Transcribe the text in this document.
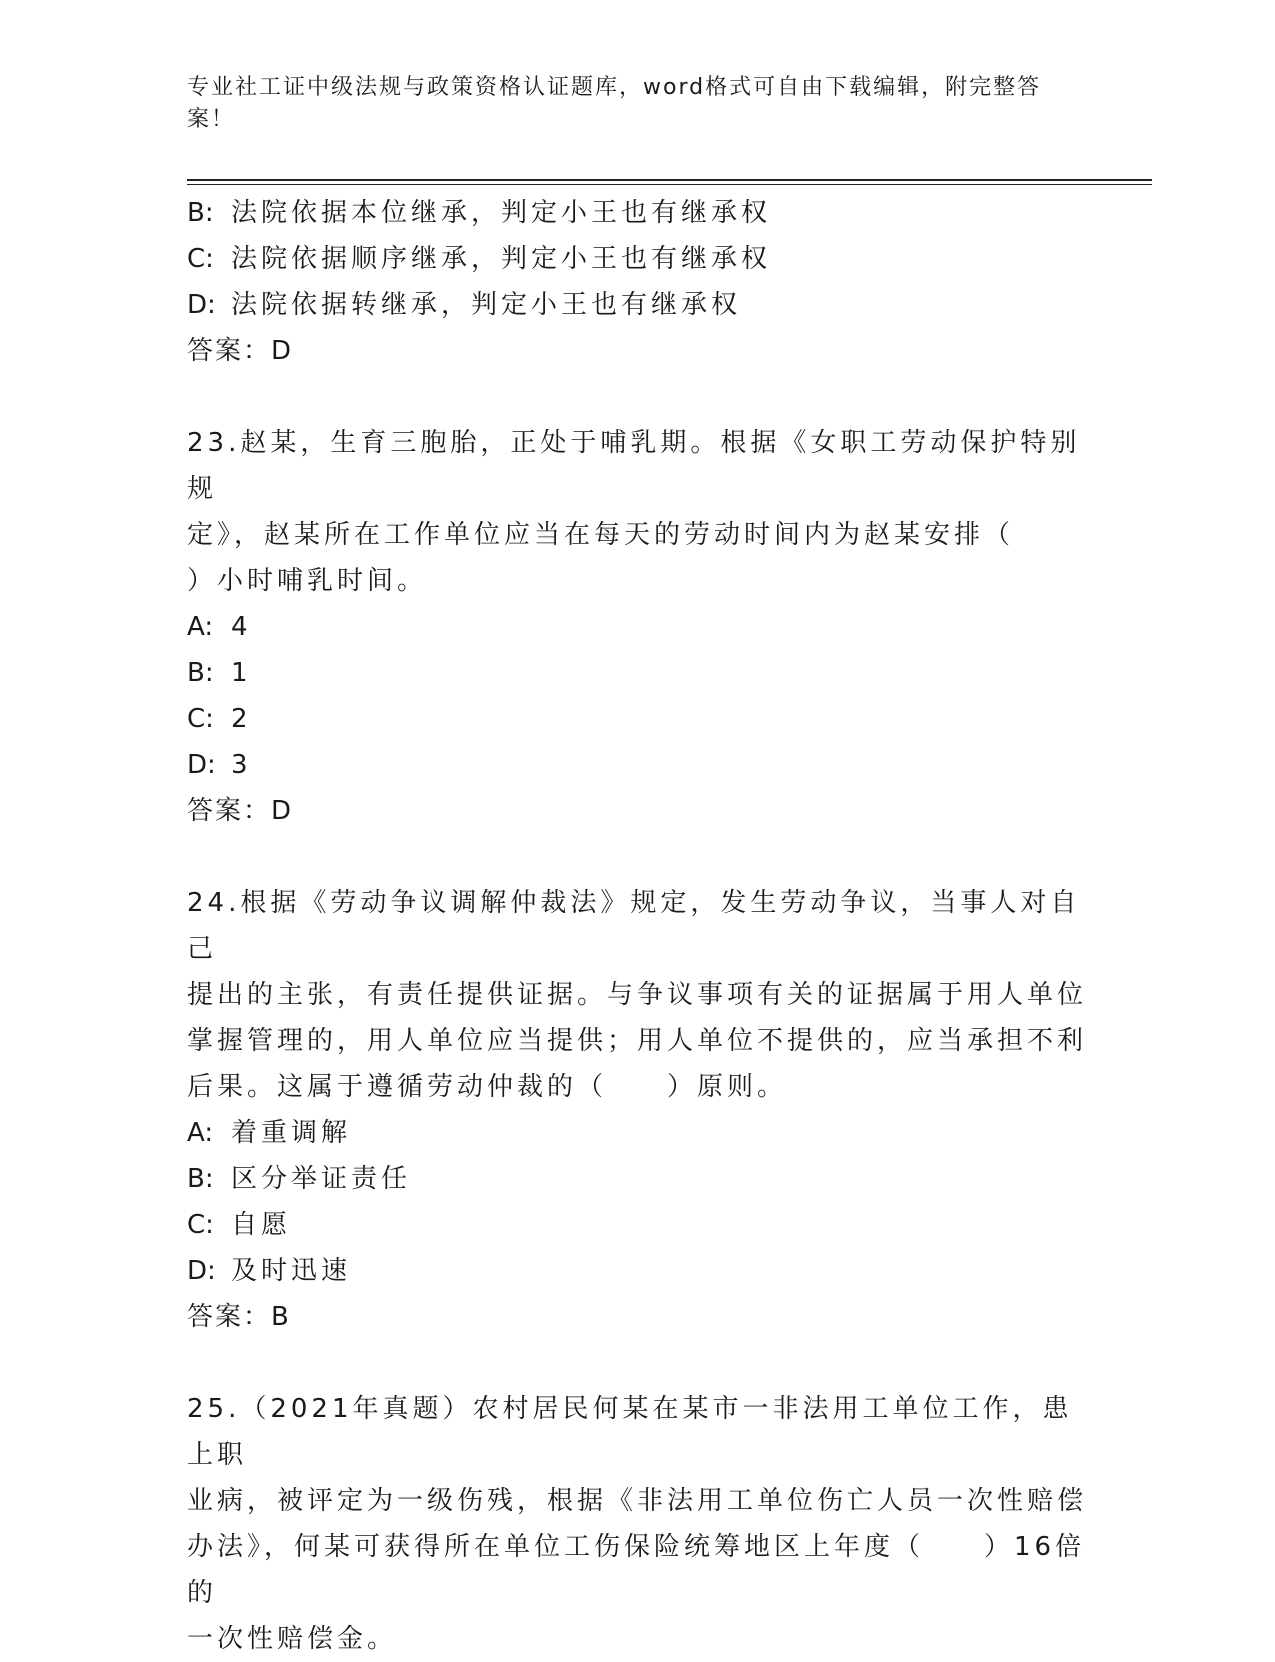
专业社工证中级法规与政策资格认证题库，word格式可自由下载编辑，附完整答
案！
B: 法院依据本位继承，判定小王也有继承权
C: 法院依据顺序继承，判定小王也有继承权
D: 法院依据转继承，判定小王也有继承权
答案：D
23.赵某，生育三胞胎，正处于哺乳期。根据《女职工劳动保护特别规
定》，赵某所在工作单位应当在每天的劳动时间内为赵某安排（
）小时哺乳时间。
A: 4
B: 1
C: 2
D: 3
答案：D
24.根据《劳动争议调解仲裁法》规定，发生劳动争议，当事人对自己
提出的主张，有责任提供证据。与争议事项有关的证据属于用人单位
掌握管理的，用人单位应当提供；用人单位不提供的，应当承担不利
后果。这属于遵循劳动仲裁的（　　）原则。
A: 着重调解
B: 区分举证责任
C: 自愿
D: 及时迅速
答案：B
25.（2021年真题）农村居民何某在某市一非法用工单位工作，患上职
业病，被评定为一级伤残，根据《非法用工单位伤亡人员一次性赔偿
办法》，何某可获得所在单位工伤保险统筹地区上年度（　　）16倍的
一次性赔偿金。
